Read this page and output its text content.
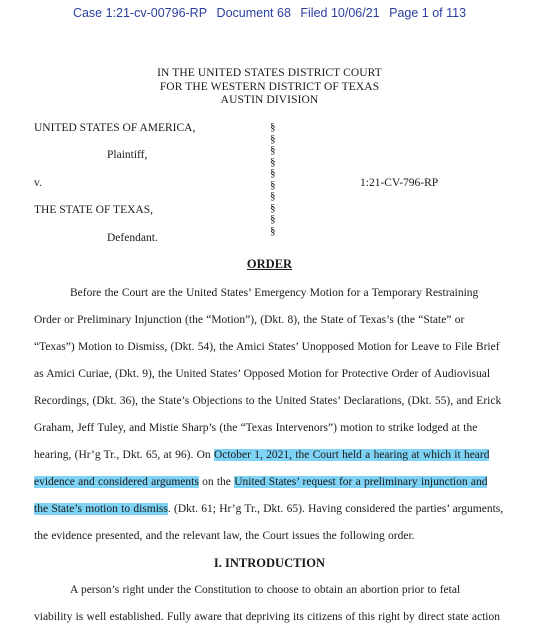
Case 1:21-cv-00796-RP Document 68 Filed 10/06/21 Page 1 of 113
IN THE UNITED STATES DISTRICT COURT
FOR THE WESTERN DISTRICT OF TEXAS
AUSTIN DIVISION
UNITED STATES OF AMERICA,
Plaintiff,
v.
THE STATE OF TEXAS,
Defendant.
1:21-CV-796-RP
§
§
§
§
§
§
§
§
§
§
ORDER
Before the Court are the United States’ Emergency Motion for a Temporary Restraining
Order or Preliminary Injunction (the “Motion”), (Dkt. 8), the State of Texas’s (the “State” or
“Texas”) Motion to Dismiss, (Dkt. 54), the Amici States’ Unopposed Motion for Leave to File Brief
as Amici Curiae, (Dkt. 9), the United States’ Opposed Motion for Protective Order of Audiovisual
Recordings, (Dkt. 36), the State’s Objections to the United States’ Declarations, (Dkt. 55), and Erick
Graham, Jeff Tuley, and Mistie Sharp’s (the “Texas Intervenors”) motion to strike lodged at the
hearing, (Hr’g Tr., Dkt. 65, at 96). On October 1, 2021, the Court held a hearing at which it heard
evidence and considered arguments on the United States’ request for a preliminary injunction and
the State’s motion to dismiss. (Dkt. 61; Hr’g Tr., Dkt. 65). Having considered the parties’ arguments,
the evidence presented, and the relevant law, the Court issues the following order.
I. INTRODUCTION
A person’s right under the Constitution to choose to obtain an abortion prior to fetal
viability is well established. Fully aware that depriving its citizens of this right by direct state action
